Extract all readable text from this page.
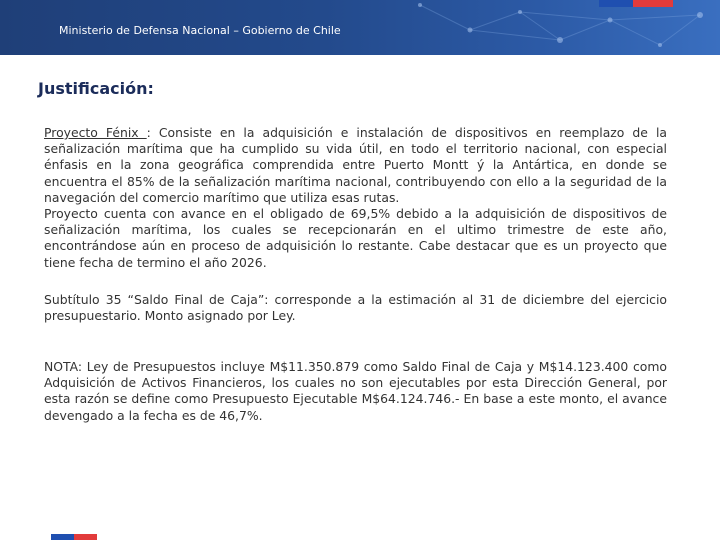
Ministerio de Defensa Nacional – Gobierno de Chile
Justificación:

Proyecto Fénix : Consiste en la adquisición e instalación de dispositivos en reemplazo de la señalización marítima que ha cumplido su vida útil, en todo el territorio nacional, con especial énfasis en la zona geográfica comprendida entre Puerto Montt ý la Antártica, en donde se encuentra el 85% de la señalización marítima nacional, contribuyendo con ello a la seguridad de la navegación del comercio marítimo que utiliza esas rutas.

Proyecto cuenta con avance en el obligado de 69,5% debido a la adquisición de dispositivos de señalización marítima, los cuales se recepcionarán en el ultimo trimestre de este año, encontrándose aún en proceso de adquisición lo restante. Cabe destacar que es un proyecto que tiene fecha de termino el año 2026.

Subtítulo 35 “Saldo Final de Caja”: corresponde a la estimación al 31 de diciembre del ejercicio presupuestario. Monto asignado por Ley.

NOTA: Ley de Presupuestos incluye M$11.350.879 como Saldo Final de Caja y M$14.123.400 como Adquisición de Activos Financieros, los cuales no son ejecutables por esta Dirección General, por esta razón se define como Presupuesto Ejecutable M$64.124.746.- En base a este monto, el avance devengado a la fecha es de 46,7%.
